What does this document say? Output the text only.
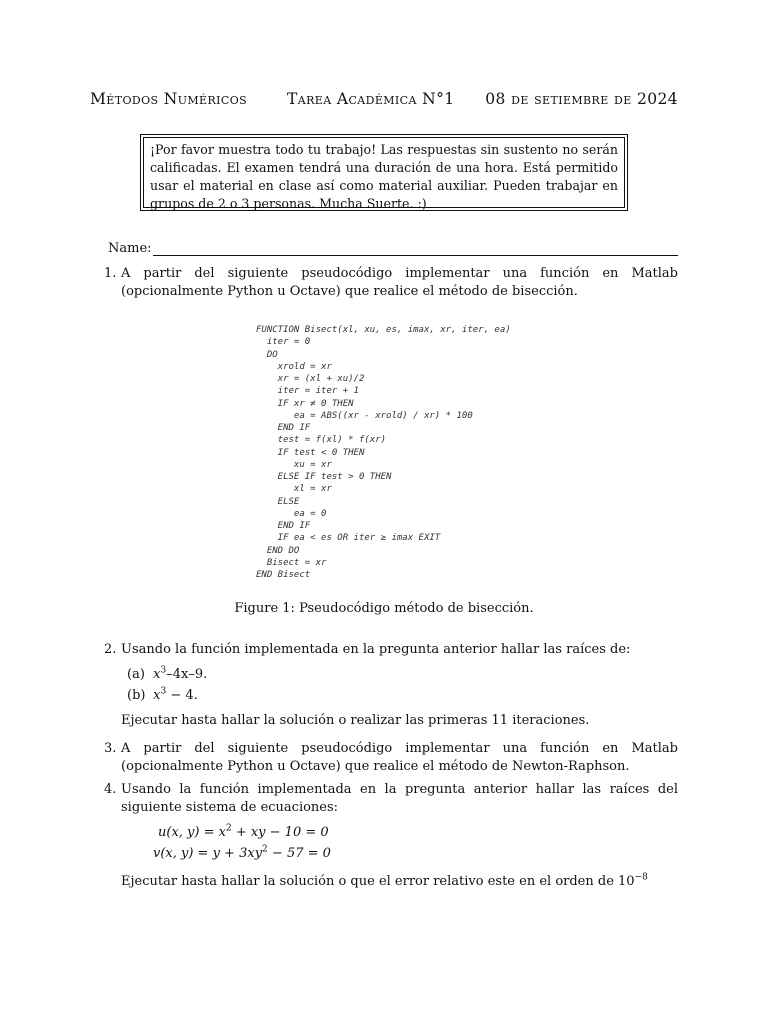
Métodos Numéricos	Tarea Académica N°1 08 de setiembre de 2024
¡Por favor muestra todo tu trabajo! Las respuestas sin sustento no serán calificadas. El examen tendrá una duración de una hora. Está permitido usar el material en clase así como material auxiliar. Pueden trabajar en grupos de 2 o 3 personas. Mucha Suerte. :)
Name:
1. A partir del siguiente pseudocódigo implementar una función en Matlab (opcionalmente Python u Octave) que realice el método de bisección.
FUNCTION Bisect(xl, xu, es, imax, xr, iter, ea)
iter = 0
DO
xrold = xr
xr = (xl + xu)/2
iter = iter + 1
IF xr ≠ 0 THEN
ea = ABS((xr - xrold) / xr) * 100
END IF
test = f(xl) * f(xr)
IF test < 0 THEN
xu = xr
ELSE IF test > 0 THEN
xl = xr
ELSE
ea = 0
END IF
IF ea < es OR iter ≥ imax EXIT
END DO
Bisect = xr
END Bisect
Figure 1: Pseudocódigo método de bisección.
2. Usando la función implementada en la pregunta anterior hallar las raíces de:
(a) $x^3-4x-9$.
(b) $x^3 - 4$.
Ejecutar hasta hallar la solución o realizar las primeras 11 iteraciones.
3. A partir del siguiente pseudocódigo implementar una función en Matlab (opcionalmente Python u Octave) que realice el método de Newton-Raphson.
4. Usando la función implementada en la pregunta anterior hallar las raíces del siguiente sistema de ecuaciones:
u(x, $y) = x^2$ + xy − 10 = 0
v(x, $y) = y + 3xy^2 - 57 = 0$
Ejecutar hasta hallar la solución o que el error relativo este en el orden de $10^{-8}$
